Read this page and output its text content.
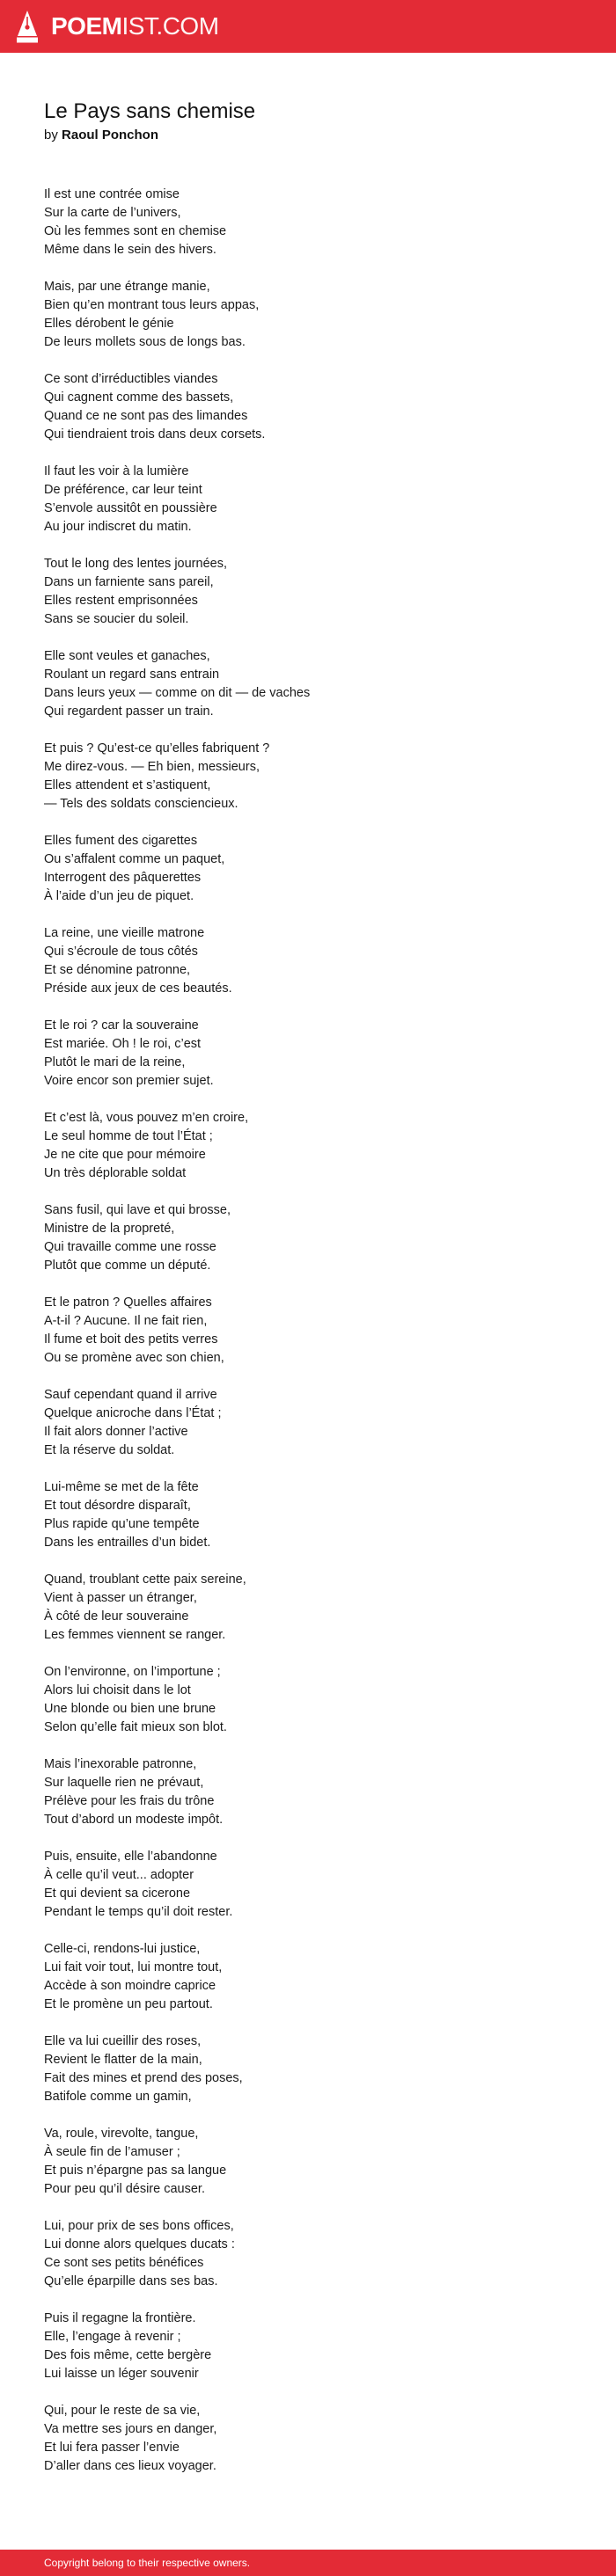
POEMIST.COM
Le Pays sans chemise
by Raoul Ponchon

Il est une contrée omise
Sur la carte de l’univers,
Où les femmes sont en chemise
Même dans le sein des hivers.

Mais, par une étrange manie,
Bien qu’en montrant tous leurs appas,
Elles dérobent le génie
De leurs mollets sous de longs bas.

Ce sont d’irréductibles viandes
Qui cagnent comme des bassets,
Quand ce ne sont pas des limandes
Qui tiendraient trois dans deux corsets.

Il faut les voir à la lumière
De préférence, car leur teint
S’envole aussitôt en poussière
Au jour indiscret du matin.

Tout le long des lentes journées,
Dans un farniente sans pareil,
Elles restent emprisonnées
Sans se soucier du soleil.

Elle sont veules et ganaches,
Roulant un regard sans entrain
Dans leurs yeux — comme on dit — de vaches
Qui regardent passer un train.

Et puis ? Qu’est-ce qu’elles fabriquent ?
Me direz-vous. — Eh bien, messieurs,
Elles attendent et s’astiquent,
— Tels des soldats consciencieux.

Elles fument des cigarettes
Ou s’affalent comme un paquet,
Interrogent des pâquerettes
À l’aide d’un jeu de piquet.

La reine, une vieille matrone
Qui s’écroule de tous côtés
Et se dénomine patronne,
Préside aux jeux de ces beautés.

Et le roi ? car la souveraine
Est mariée. Oh ! le roi, c’est
Plutôt le mari de la reine,
Voire encor son premier sujet.

Et c’est là, vous pouvez m’en croire,
Le seul homme de tout l’État ;
Je ne cite que pour mémoire
Un très déplorable soldat

Sans fusil, qui lave et qui brosse,
Ministre de la propreté,
Qui travaille comme une rosse
Plutôt que comme un député.

Et le patron ? Quelles affaires
A-t-il ? Aucune. Il ne fait rien,
Il fume et boit des petits verres
Ou se promène avec son chien,

Sauf cependant quand il arrive
Quelque anicroche dans l’État ;
Il fait alors donner l’active
Et la réserve du soldat.

Lui-même se met de la fête
Et tout désordre disparaît,
Plus rapide qu’une tempête
Dans les entrailles d’un bidet.

Quand, troublant cette paix sereine,
Vient à passer un étranger,
À côté de leur souveraine
Les femmes viennent se ranger.

On l’environne, on l’importune ;
Alors lui choisit dans le lot
Une blonde ou bien une brune
Selon qu’elle fait mieux son blot.

Mais l’inexorable patronne,
Sur laquelle rien ne prévaut,
Prélève pour les frais du trône
Tout d’abord un modeste impôt.

Puis, ensuite, elle l’abandonne
À celle qu’il veut... adopter
Et qui devient sa cicerone
Pendant le temps qu’il doit rester.

Celle-ci, rendons-lui justice,
Lui fait voir tout, lui montre tout,
Accède à son moindre caprice
Et le promène un peu partout.

Elle va lui cueillir des roses,
Revient le flatter de la main,
Fait des mines et prend des poses,
Batifole comme un gamin,

Va, roule, virevolte, tangue,
À seule fin de l’amuser ;
Et puis n’épargne pas sa langue
Pour peu qu’il désire causer.

Lui, pour prix de ses bons offices,
Lui donne alors quelques ducats :
Ce sont ses petits bénéfices
Qu’elle éparpille dans ses bas.

Puis il regagne la frontière.
Elle, l’engage à revenir ;
Des fois même, cette bergère
Lui laisse un léger souvenir

Qui, pour le reste de sa vie,
Va mettre ses jours en danger,
Et lui fera passer l’envie
D’aller dans ces lieux voyager.

Copyright belong to their respective owners.
